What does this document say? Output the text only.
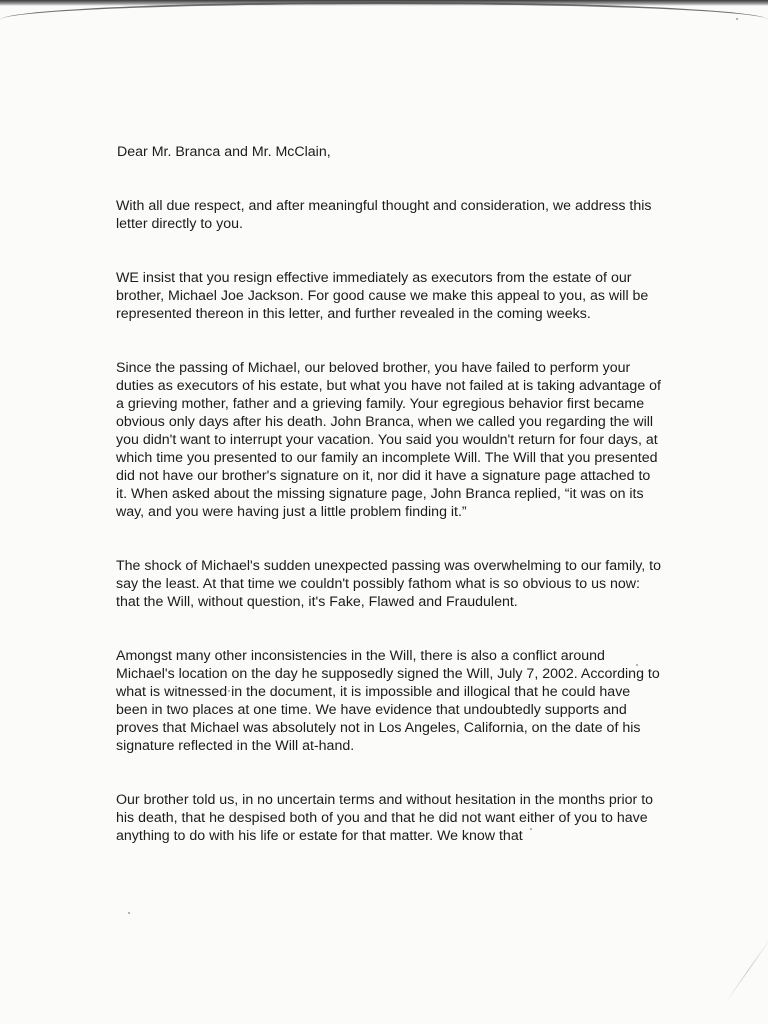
Dear Mr. Branca and Mr. McClain,

With all due respect, and after meaningful thought and consideration, we address this letter directly to you.

WE insist that you resign effective immediately as executors from the estate of our brother, Michael Joe Jackson. For good cause we make this appeal to you, as will be represented thereon in this letter, and further revealed in the coming weeks.

Since the passing of Michael, our beloved brother, you have failed to perform your duties as executors of his estate, but what you have not failed at is taking advantage of a grieving mother, father and a grieving family. Your egregious behavior first became obvious only days after his death. John Branca, when we called you regarding the will you didn't want to interrupt your vacation. You said you wouldn't return for four days, at which time you presented to our family an incomplete Will. The Will that you presented did not have our brother's signature on it, nor did it have a signature page attached to it. When asked about the missing signature page, John Branca replied, “it was on its way, and you were having just a little problem finding it.”

The shock of Michael's sudden unexpected passing was overwhelming to our family, to say the least. At that time we couldn't possibly fathom what is so obvious to us now: that the Will, without question, it's Fake, Flawed and Fraudulent.

Amongst many other inconsistencies in the Will, there is also a conflict around Michael's location on the day he supposedly signed the Will, July 7, 2002. According to what is witnessed in the document, it is impossible and illogical that he could have been in two places at one time. We have evidence that undoubtedly supports and proves that Michael was absolutely not in Los Angeles, California, on the date of his signature reflected in the Will at-hand.

Our brother told us, in no uncertain terms and without hesitation in the months prior to his death, that he despised both of you and that he did not want either of you to have anything to do with his life or estate for that matter. We know that
